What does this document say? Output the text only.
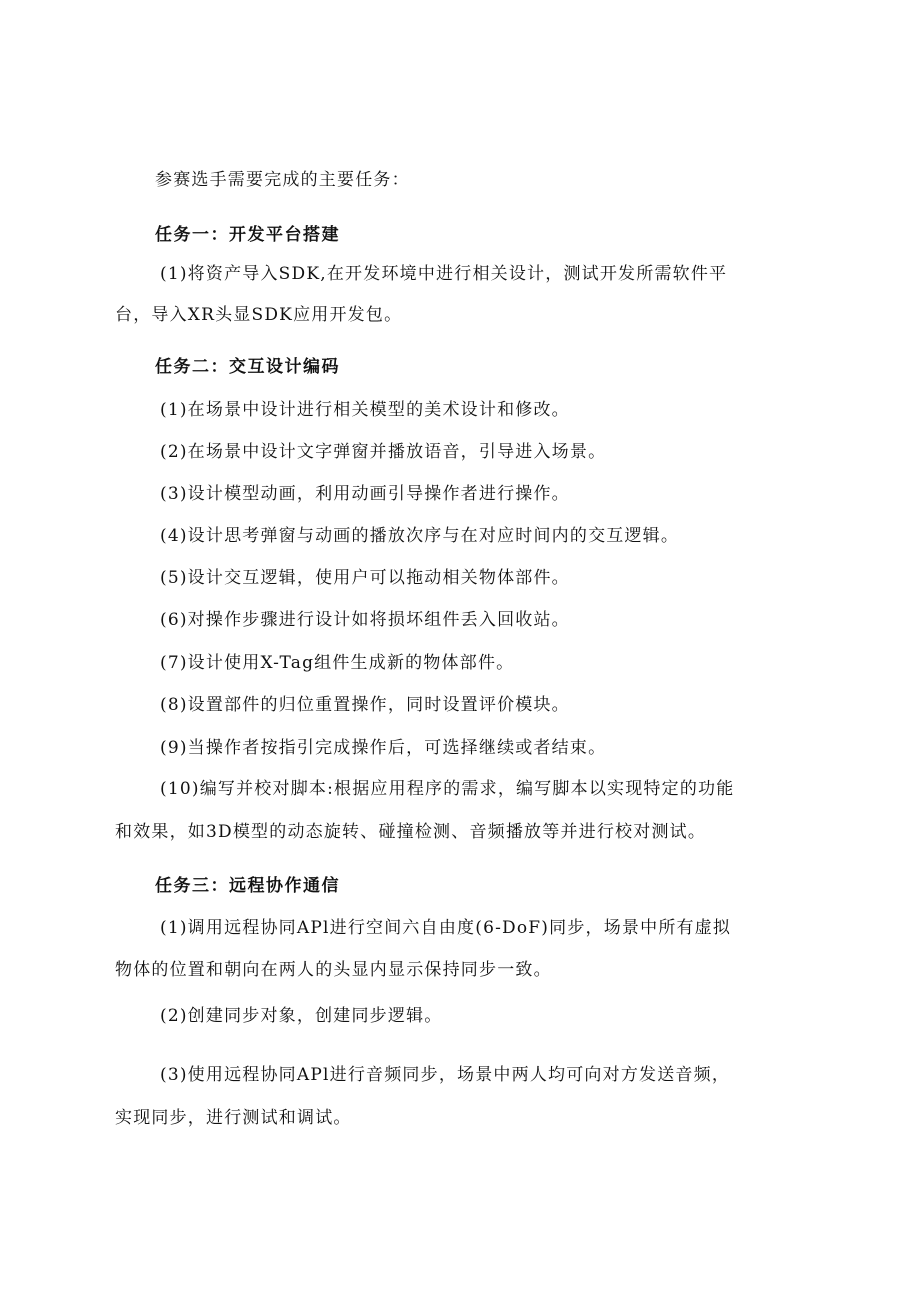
参赛选手需要完成的主要任务：
任务一：开发平台搭建
(1)将资产导入SDK,在开发环境中进行相关设计，测试开发所需软件平
台，导入XR头显SDK应用开发包。
任务二：交互设计编码
(1)在场景中设计进行相关模型的美术设计和修改。
(2)在场景中设计文字弹窗并播放语音，引导进入场景。
(3)设计模型动画，利用动画引导操作者进行操作。
(4)设计思考弹窗与动画的播放次序与在对应时间内的交互逻辑。
(5)设计交互逻辑，使用户可以拖动相关物体部件。
(6)对操作步骤进行设计如将损坏组件丢入回收站。
(7)设计使用X-Tag组件生成新的物体部件。
(8)设置部件的归位重置操作，同时设置评价模块。
(9)当操作者按指引完成操作后，可选择继续或者结束。
(10)编写并校对脚本:根据应用程序的需求，编写脚本以实现特定的功能
和效果，如3D模型的动态旋转、碰撞检测、音频播放等并进行校对测试。
任务三：远程协作通信
(1)调用远程协同APl进行空间六自由度(6-DoF)同步，场景中所有虚拟
物体的位置和朝向在两人的头显内显示保持同步一致。
(2)创建同步对象，创建同步逻辑。
(3)使用远程协同APl进行音频同步，场景中两人均可向对方发送音频，
实现同步，进行测试和调试。
